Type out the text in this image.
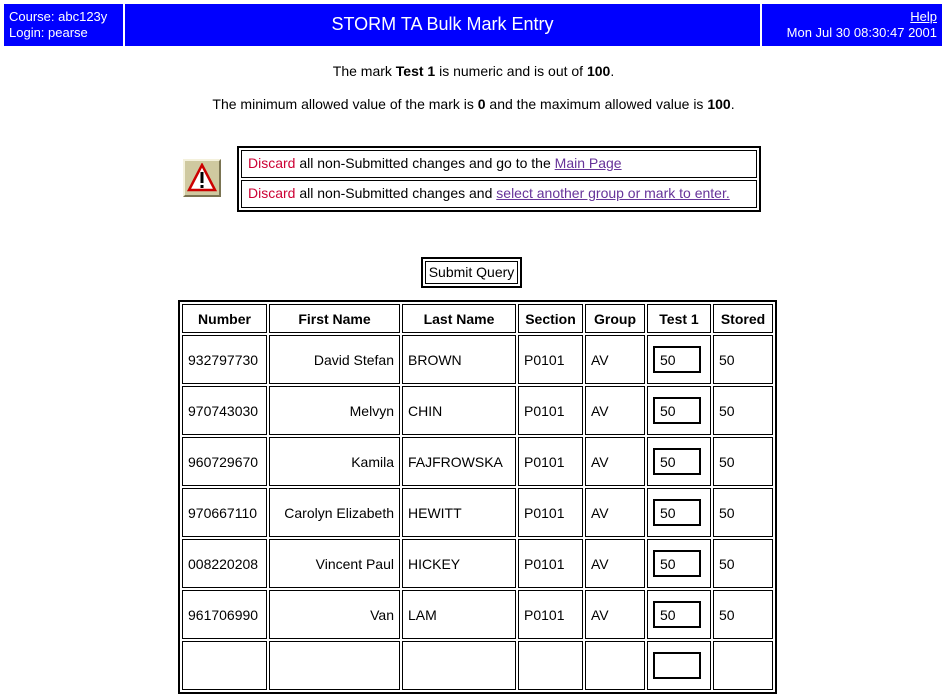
Course: abc123y
Login: pearse	STORM TA Bulk Mark Entry	Help
Mon Jul 30 08:30:47 2001
The mark Test 1 is numeric and is out of 100.
The minimum allowed value of the mark is 0 and the maximum allowed value is 100.
Discard all non-Submitted changes and go to the Main Page
Discard all non-Submitted changes and select another group or mark to enter.
Submit Query
Number	First Name	Last Name	Section	Group	Test 1	Stored
932797730	David Stefan	BROWN	P0101	AV	50	50
970743030	Melvyn	CHIN	P0101	AV	50	50
960729670	Kamila	FAJFROWSKA	P0101	AV	50	50
970667110	Carolyn Elizabeth	HEWITT	P0101	AV	50	50
008220208	Vincent Paul	HICKEY	P0101	AV	50	50
961706990	Van	LAM	P0101	AV	50	50
